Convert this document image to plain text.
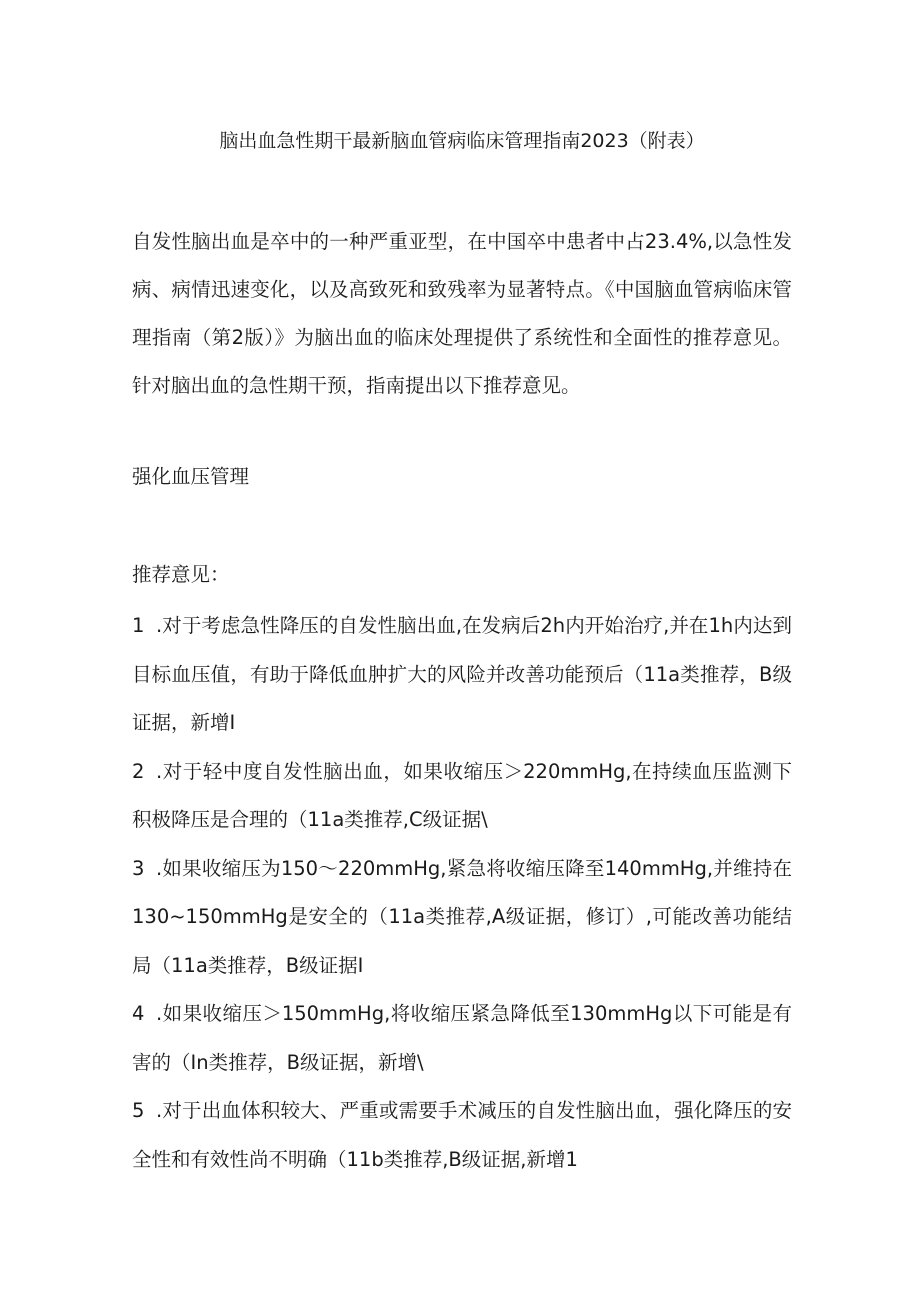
脑出血急性期干最新脑血管病临床管理指南2023（附表）

自发性脑出血是卒中的一种严重亚型，在中国卒中患者中占23.4%,以急性发病、病情迅速变化，以及高致死和致残率为显著特点。《中国脑血管病临床管理指南（第2版）》为脑出血的临床处理提供了系统性和全面性的推荐意见。针对脑出血的急性期干预，指南提出以下推荐意见。

强化血压管理
推荐意见：
1 .对于考虑急性降压的自发性脑出血,在发病后2h内开始治疗,并在1h内达到目标血压值，有助于降低血肿扩大的风险并改善功能预后（11a类推荐，B级证据，新增I
2 .对于轻中度自发性脑出血，如果收缩压＞220mmHg,在持续血压监测下积极降压是合理的（11a类推荐,C级证据\
3 .如果收缩压为150〜220mmHg,紧急将收缩压降至140mmHg,并维持在130~150mmHg是安全的（11a类推荐,A级证据，修订）,可能改善功能结局（11a类推荐，B级证据I
4 .如果收缩压＞150mmHg,将收缩压紧急降低至130mmHg以下可能是有害的（In类推荐，B级证据，新增\
5 .对于出血体积较大、严重或需要手术减压的自发性脑出血，强化降压的安全性和有效性尚不明确（11b类推荐,B级证据,新增1
